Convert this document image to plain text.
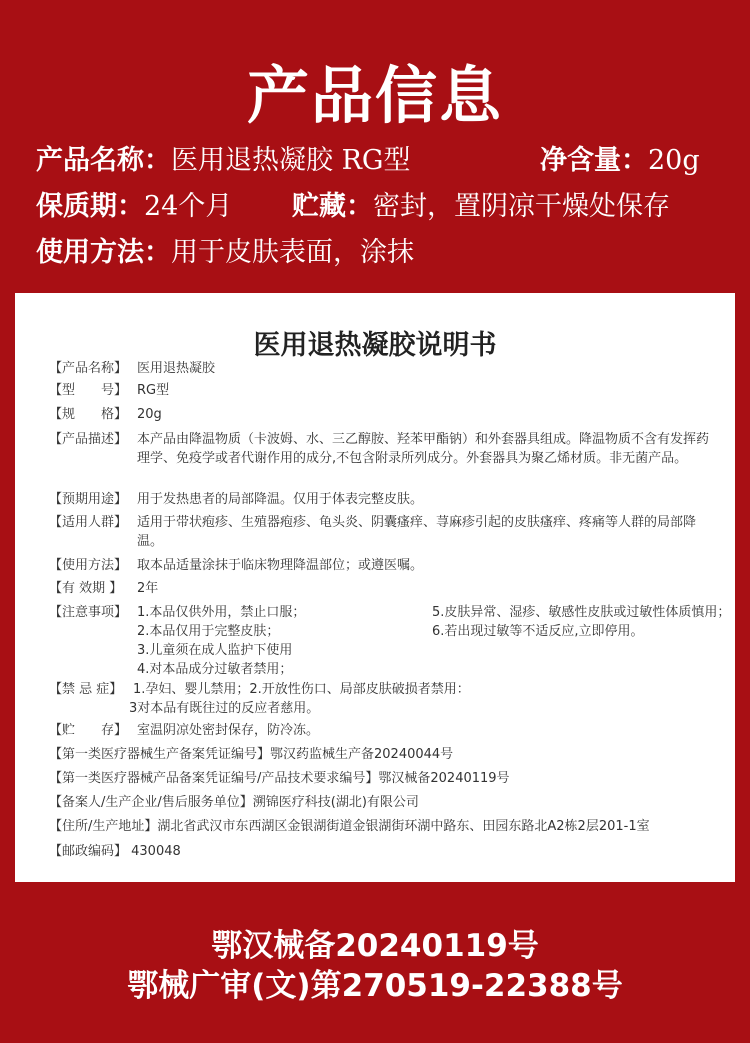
产品信息
产品名称：医用退热凝胶 RG型	净含量：20g
保质期：24个月 贮藏：密封，置阴凉干燥处保存
使用方法：用于皮肤表面，涂抹
医用退热凝胶说明书
【产品名称】 医用退热凝胶
【型　　号】 RG型
【规　　格】 20g
【产品描述】 本产品由降温物质（卡波姆、水、三乙醇胺、羟苯甲酯钠）和外套器具组成。降温物质不含有发挥药理学、免疫学或者代谢作用的成分,不包含附录所列成分。外套器具为聚乙烯材质。非无菌产品。
【预期用途】 用于发热患者的局部降温。仅用于体表完整皮肤。
【适用人群】 适用于带状疱疹、生殖器疱疹、龟头炎、阴囊瘙痒、荨麻疹引起的皮肤瘙痒、疼痛等人群的局部降温。
【使用方法】 取本品适量涂抹于临床物理降温部位；或遵医嘱。
【有 效期 】 2年
【注意事项】 1.本品仅供外用，禁止口服；	5.皮肤异常、湿疹、敏感性皮肤或过敏性体质慎用；
2.本品仅用于完整皮肤；	6.若出现过敏等不适反应,立即停用。
3.儿童须在成人监护下使用
4.对本品成分过敏者禁用；
【禁 忌 症】 1.孕妇、婴儿禁用；2.开放性伤口、局部皮肤破损者禁用：
3对本品有既往过的反应者慈用。
【贮　　存】 室温阴凉处密封保存，防冷冻。
【第一类医疗器械生产备案凭证编号】鄂汉药监械生产备20240044号
【第一类医疗器械产品备案凭证编号/产品技术要求编号】鄂汉械备20240119号
【备案人/生产企业/售后服务单位】溯锦医疗科技(湖北)有限公司
【住所/生产地址】湖北省武汉市东西湖区金银湖街道金银湖街环湖中路东、田园东路北A2栋2层201-1室
【邮政编码】 430048
鄂汉械备20240119号
鄂械广审(文)第270519-22388号
